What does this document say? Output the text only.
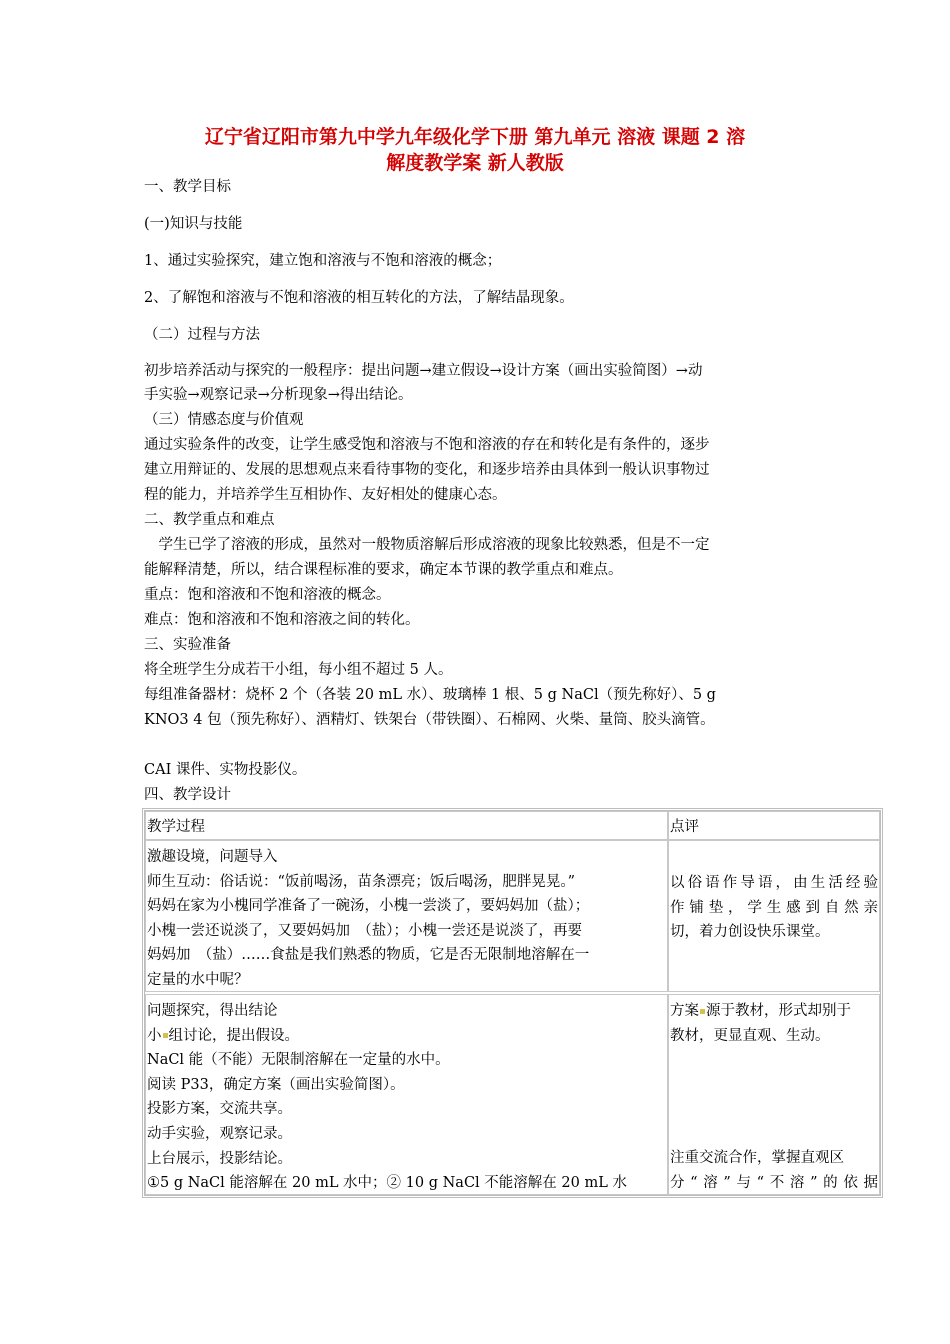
辽宁省辽阳市第九中学九年级化学下册 第九单元 溶液 课题 2 溶
解度教学案 新人教版
一、教学目标
(一)知识与技能
1、通过实验探究，建立饱和溶液与不饱和溶液的概念；
2、了解饱和溶液与不饱和溶液的相互转化的方法，了解结晶现象。
（二）过程与方法
初步培养活动与探究的一般程序：提出问题→建立假设→设计方案（画出实验简图）→动
手实验→观察记录→分析现象→得出结论。
（三）情感态度与价值观
通过实验条件的改变，让学生感受饱和溶液与不饱和溶液的存在和转化是有条件的，逐步
建立用辩证的、发展的思想观点来看待事物的变化，和逐步培养由具体到一般认识事物过
程的能力，并培养学生互相协作、友好相处的健康心态。
二、教学重点和难点
　学生已学了溶液的形成，虽然对一般物质溶解后形成溶液的现象比较熟悉，但是不一定
能解释清楚，所以，结合课程标准的要求，确定本节课的教学重点和难点。
重点：饱和溶液和不饱和溶液的概念。
难点：饱和溶液和不饱和溶液之间的转化。
三、实验准备
将全班学生分成若干小组，每小组不超过 5 人。
每组准备器材：烧杯 2 个（各装 20 mL 水）、玻璃棒 1 根、5 g NaCl（预先称好）、5 g
KNO3 4 包（预先称好）、酒精灯、铁架台（带铁圈）、石棉网、火柴、量筒、胶头滴管。
CAI 课件、实物投影仪。
四、教学设计
教学过程	点评
激趣设境，问题导入
师生互动：俗话说：“饭前喝汤，苗条漂亮；饭后喝汤，肥胖晃晃。”
妈妈在家为小槐同学准备了一碗汤，小槐一尝淡了，要妈妈加（盐）；
小槐一尝还说淡了，又要妈妈加　（盐）；小槐一尝还是说淡了，再要
妈妈加　（盐）……食盐是我们熟悉的物质，它是否无限制地溶解在一
定量的水中呢？
以俗语作导语，由生活经验
作铺垫，学生感到自然亲
切，着力创设快乐课堂。
问题探究，得出结论
小 组讨论，提出假设。
NaCl 能（不能）无限制溶解在一定量的水中。
阅读 P33，确定方案（画出实验简图）。
投影方案，交流共享。
动手实验，观察记录。
上台展示，投影结论。
①5 g NaCl 能溶解在 20 mL 水中；② 10 g NaCl 不能溶解在 20 mL 水
方案 源于教材，形式却别于
教材，更显直观、生动。
注重交流合作，掌握直观区
分“溶”与“不溶”的依据
